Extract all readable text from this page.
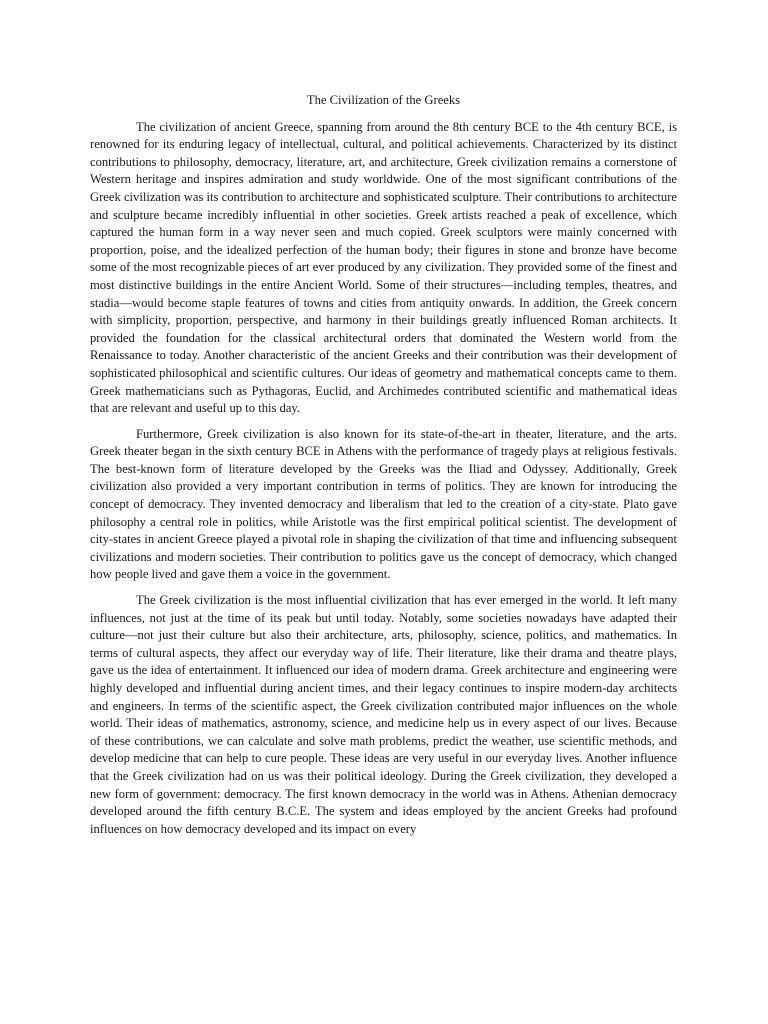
The Civilization of the Greeks

The civilization of ancient Greece, spanning from around the 8th century BCE to the 4th century BCE, is renowned for its enduring legacy of intellectual, cultural, and political achievements. Characterized by its distinct contributions to philosophy, democracy, literature, art, and architecture, Greek civilization remains a cornerstone of Western heritage and inspires admiration and study worldwide. One of the most significant contributions of the Greek civilization was its contribution to architecture and sophisticated sculpture. Their contributions to architecture and sculpture became incredibly influential in other societies. Greek artists reached a peak of excellence, which captured the human form in a way never seen and much copied. Greek sculptors were mainly concerned with proportion, poise, and the idealized perfection of the human body; their figures in stone and bronze have become some of the most recognizable pieces of art ever produced by any civilization. They provided some of the finest and most distinctive buildings in the entire Ancient World. Some of their structures—including temples, theatres, and stadia—would become staple features of towns and cities from antiquity onwards. In addition, the Greek concern with simplicity, proportion, perspective, and harmony in their buildings greatly influenced Roman architects. It provided the foundation for the classical architectural orders that dominated the Western world from the Renaissance to today. Another characteristic of the ancient Greeks and their contribution was their development of sophisticated philosophical and scientific cultures. Our ideas of geometry and mathematical concepts came to them. Greek mathematicians such as Pythagoras, Euclid, and Archimedes contributed scientific and mathematical ideas that are relevant and useful up to this day.

Furthermore, Greek civilization is also known for its state-of-the-art in theater, literature, and the arts. Greek theater began in the sixth century BCE in Athens with the performance of tragedy plays at religious festivals. The best-known form of literature developed by the Greeks was the Iliad and Odyssey. Additionally, Greek civilization also provided a very important contribution in terms of politics. They are known for introducing the concept of democracy. They invented democracy and liberalism that led to the creation of a city-state. Plato gave philosophy a central role in politics, while Aristotle was the first empirical political scientist. The development of city-states in ancient Greece played a pivotal role in shaping the civilization of that time and influencing subsequent civilizations and modern societies. Their contribution to politics gave us the concept of democracy, which changed how people lived and gave them a voice in the government.

The Greek civilization is the most influential civilization that has ever emerged in the world. It left many influences, not just at the time of its peak but until today. Notably, some societies nowadays have adapted their culture—not just their culture but also their architecture, arts, philosophy, science, politics, and mathematics. In terms of cultural aspects, they affect our everyday way of life. Their literature, like their drama and theatre plays, gave us the idea of entertainment. It influenced our idea of modern drama. Greek architecture and engineering were highly developed and influential during ancient times, and their legacy continues to inspire modern-day architects and engineers. In terms of the scientific aspect, the Greek civilization contributed major influences on the whole world. Their ideas of mathematics, astronomy, science, and medicine help us in every aspect of our lives. Because of these contributions, we can calculate and solve math problems, predict the weather, use scientific methods, and develop medicine that can help to cure people. These ideas are very useful in our everyday lives. Another influence that the Greek civilization had on us was their political ideology. During the Greek civilization, they developed a new form of government: democracy. The first known democracy in the world was in Athens. Athenian democracy developed around the fifth century B.C.E. The system and ideas employed by the ancient Greeks had profound influences on how democracy developed and its impact on every
